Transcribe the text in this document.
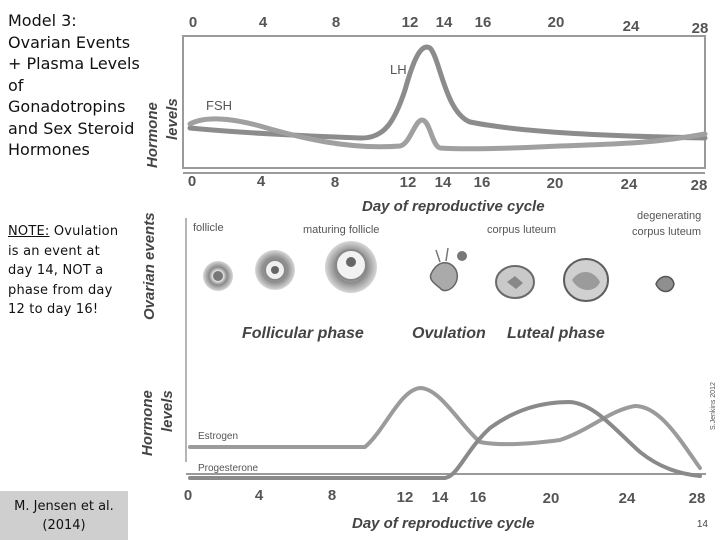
Model 3:
Ovarian Events
+ Plasma Levels
of
Gonadotropins
and Sex Steroid
Hormones
NOTE: Ovulation is an event at day 14, NOT a phase from day 12 to day 16!
M. Jensen et al.
(2014)	14
0	4	8	12 14 16	20	24	28
Hormone levels
LH
FSH
0	4	8	12 14 16	20	24	28
Day of reproductive cycle
Ovarian events	follicle	maturing follicle	corpus luteum
degenerating
corpus luteum
Follicular phase	Ovulation Luteal phase
Hormone levels
Estrogen
Progesterone
S.Jenkins 2012
0	4	8	12 14 16	20	24	28
Day of reproductive cycle
